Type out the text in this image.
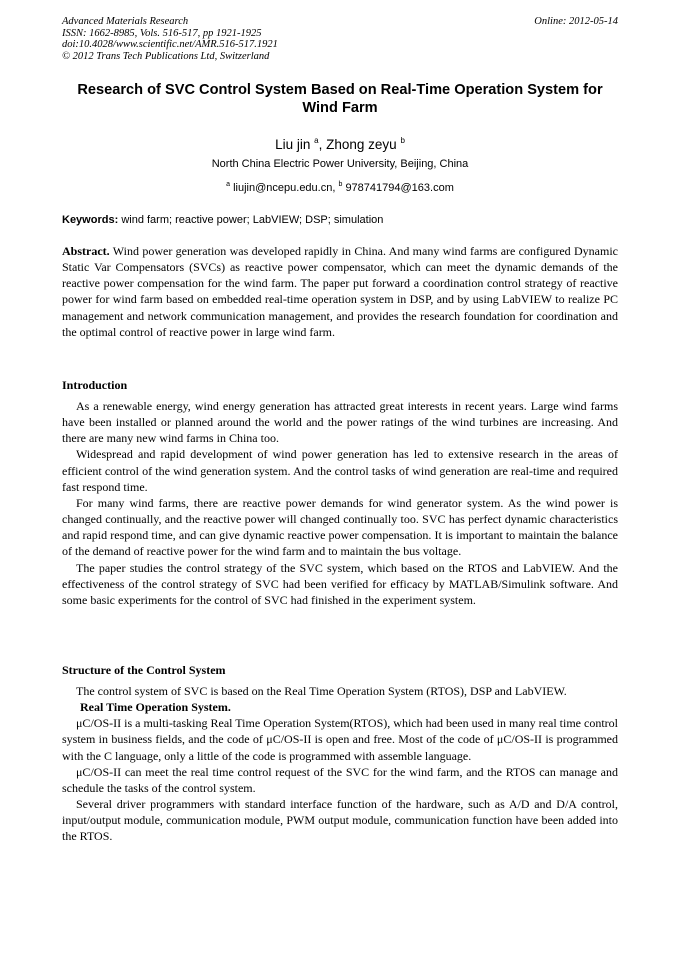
Advanced Materials Research
ISSN: 1662-8985, Vols. 516-517, pp 1921-1925
doi:10.4028/www.scientific.net/AMR.516-517.1921
© 2012 Trans Tech Publications Ltd, Switzerland
Online: 2012-05-14
Research of SVC Control System Based on Real-Time Operation System for Wind Farm
Liu jin $^a$, Zhong zeyu $^b$
North China Electric Power University, Beijing, China
$^a$ liujin@ncepu.edu.cn, $^b$ 978741794@163.com
Keywords: wind farm; reactive power; LabVIEW; DSP; simulation
Abstract. Wind power generation was developed rapidly in China. And many wind farms are configured Dynamic Static Var Compensators (SVCs) as reactive power compensator, which can meet the dynamic demands of the reactive power compensation for the wind farm. The paper put forward a coordination control strategy of reactive power for wind farm based on embedded real-time operation system in DSP, and by using LabVIEW to realize PC management and network communication management, and provides the research foundation for coordination and the optimal control of reactive power in large wind farm.
Introduction

As a renewable energy, wind energy generation has attracted great interests in recent years. Large wind farms have been installed or planned around the world and the power ratings of the wind turbines are increasing. And there are many new wind farms in China too.

Widespread and rapid development of wind power generation has led to extensive research in the areas of efficient control of the wind generation system. And the control tasks of wind generation are real-time and required fast respond time.

For many wind farms, there are reactive power demands for wind generator system. As the wind power is changed continually, and the reactive power will changed continually too. SVC has perfect dynamic characteristics and rapid respond time, and can give dynamic reactive power compensation. It is important to maintain the balance of the demand of reactive power for the wind farm and to maintain the bus voltage.

The paper studies the control strategy of the SVC system, which based on the RTOS and LabVIEW. And the effectiveness of the control strategy of SVC had been verified for efficacy by MATLAB/Simulink software. And some basic experiments for the control of SVC had finished in the experiment system.

Structure of the Control System

The control system of SVC is based on the Real Time Operation System (RTOS), DSP and LabVIEW.

Real Time Operation System.

μC/OS-II is a multi-tasking Real Time Operation System(RTOS), which had been used in many real time control system in business fields, and the code of μC/OS-II is open and free. Most of the code of μC/OS-II is programmed with the C language, only a little of the code is programmed with assemble language.

μC/OS-II can meet the real time control request of the SVC for the wind farm, and the RTOS can manage and schedule the tasks of the control system.

Several driver programmers with standard interface function of the hardware, such as A/D and D/A control, input/output module, communication module, PWM output module, communication function have been added into the RTOS.
